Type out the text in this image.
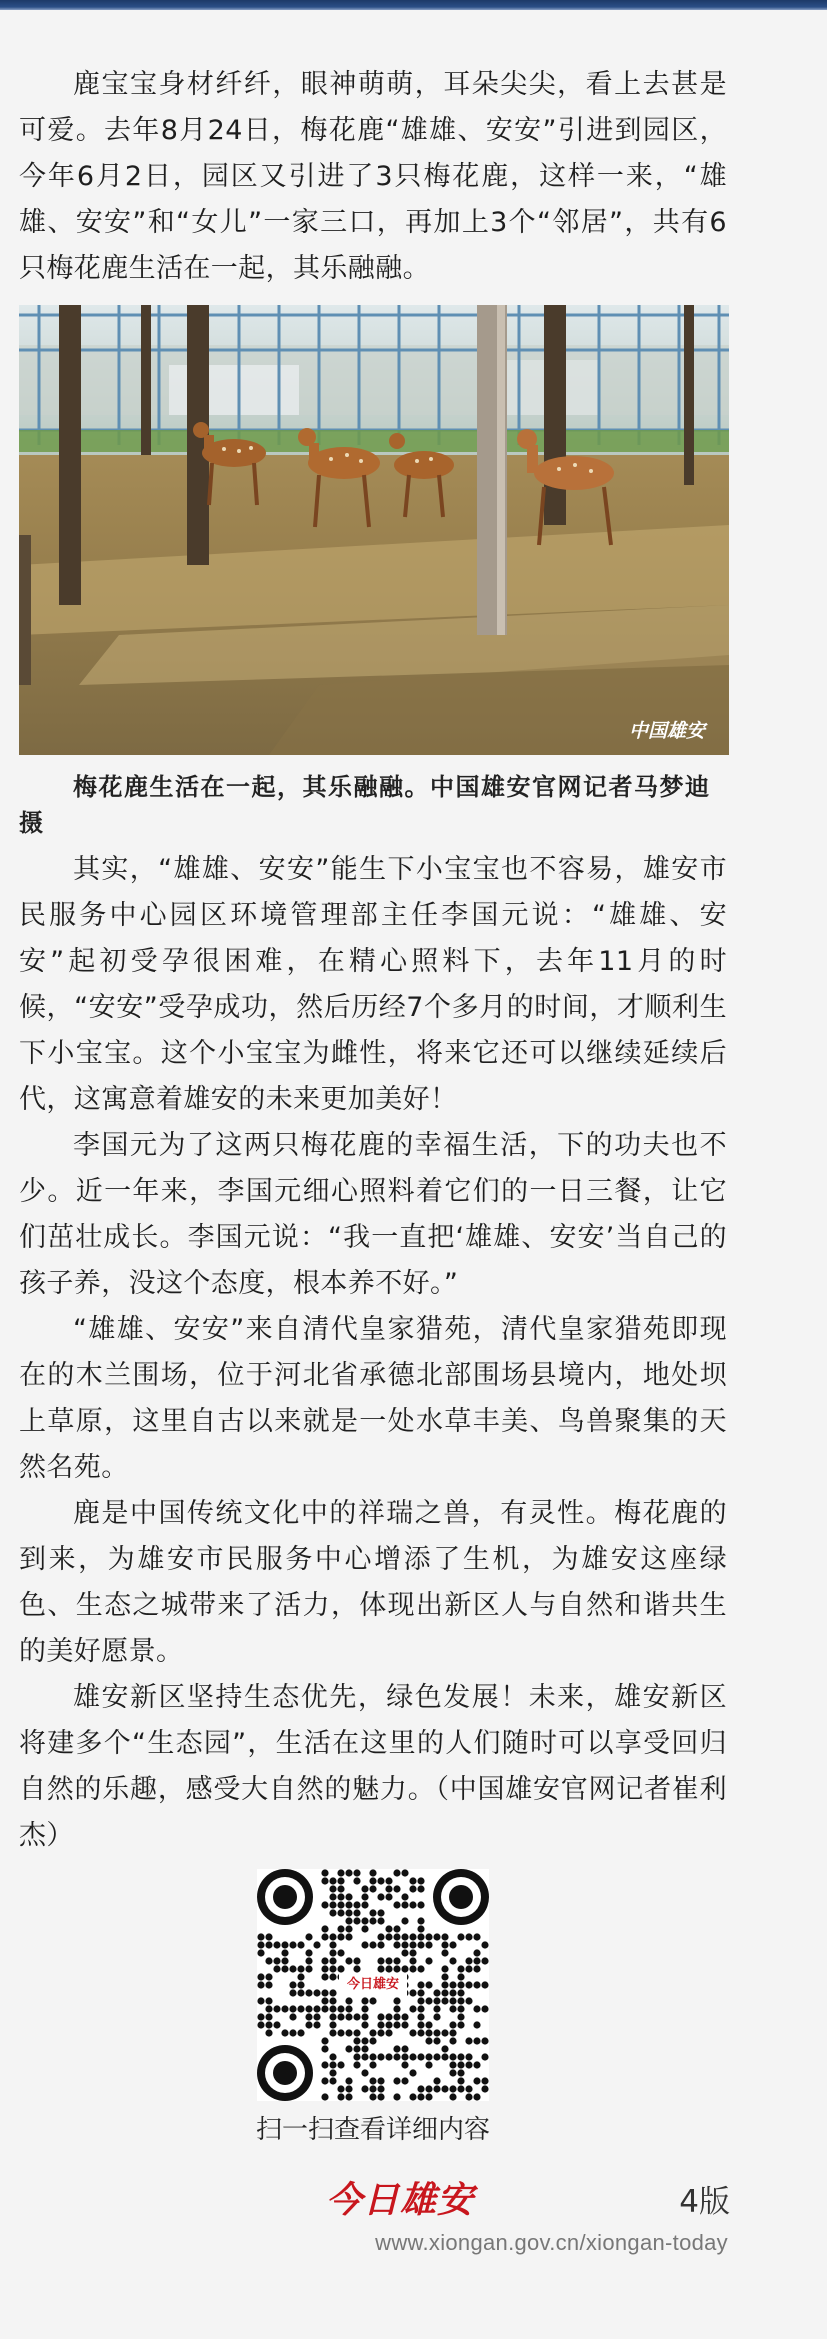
鹿宝宝身材纤纤，眼神萌萌，耳朵尖尖，看上去甚是可爱。去年8月24日，梅花鹿“雄雄、安安”引进到园区，今年6月2日，园区又引进了3只梅花鹿，这样一来，“雄雄、安安”和“女儿”一家三口，再加上3个“邻居”，共有6只梅花鹿生活在一起，其乐融融。

中国雄安

梅花鹿生活在一起，其乐融融。中国雄安官网记者马梦迪 摄

其实，“雄雄、安安”能生下小宝宝也不容易，雄安市民服务中心园区环境管理部主任李国元说：“雄雄、安安”起初受孕很困难，在精心照料下，去年11月的时候，“安安”受孕成功，然后历经7个多月的时间，才顺利生下小宝宝。这个小宝宝为雌性，将来它还可以继续延续后代，这寓意着雄安的未来更加美好！

李国元为了这两只梅花鹿的幸福生活，下的功夫也不少。近一年来，李国元细心照料着它们的一日三餐，让它们茁壮成长。李国元说：“我一直把‘雄雄、安安’当自己的孩子养，没这个态度，根本养不好。”

“雄雄、安安”来自清代皇家猎苑，清代皇家猎苑即现在的木兰围场，位于河北省承德北部围场县境内，地处坝上草原，这里自古以来就是一处水草丰美、鸟兽聚集的天然名苑。

鹿是中国传统文化中的祥瑞之兽，有灵性。梅花鹿的到来，为雄安市民服务中心增添了生机，为雄安这座绿色、生态之城带来了活力，体现出新区人与自然和谐共生的美好愿景。

雄安新区坚持生态优先，绿色发展！未来，雄安新区将建多个“生态园”，生活在这里的人们随时可以享受回归自然的乐趣，感受大自然的魅力。（中国雄安官网记者崔利杰）

今日雄安
扫一扫查看详细内容
今日雄安	4版
www.xiongan.gov.cn/xiongan-today
